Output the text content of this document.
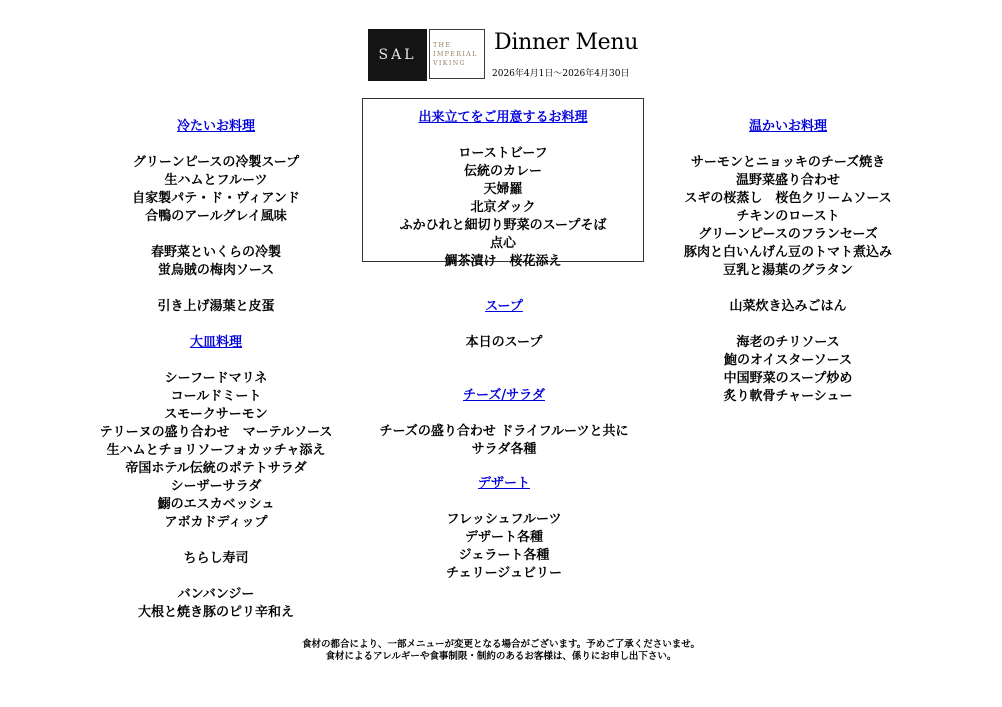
SAL
THE
IMPERIAL
VIKING
Dinner Menu
2026年4月1日～2026年4月30日
冷たいお料理
グリーンピースの冷製スープ
生ハムとフルーツ
自家製パテ・ド・ヴィアンド
合鴨のアールグレイ風味
春野菜といくらの冷製
蛍烏賊の梅肉ソース
引き上げ湯葉と皮蛋
大皿料理
シーフードマリネ
コールドミート
スモークサーモン
テリーヌの盛り合わせ　マーテルソース
生ハムとチョリソーフォカッチャ添え
帝国ホテル伝統のポテトサラダ
シーザーサラダ
鰯のエスカベッシュ
アボカドディップ
ちらし寿司
バンバンジー
大根と焼き豚のピリ辛和え
出来立てをご用意するお料理
ローストビーフ
伝統のカレー
天婦羅
北京ダック
ふかひれと細切り野菜のスープそば
点心
鯛茶漬け　桜花添え
スープ
本日のスープ
チーズ/サラダ
チーズの盛り合わせ ドライフルーツと共に
サラダ各種
デザート
フレッシュフルーツ
デザート各種
ジェラート各種
チェリージュビリー
温かいお料理
サーモンとニョッキのチーズ焼き
温野菜盛り合わせ
スギの桜蒸し　桜色クリームソース
チキンのロースト
グリーンピースのフランセーズ
豚肉と白いんげん豆のトマト煮込み
豆乳と湯葉のグラタン
山菜炊き込みごはん
海老のチリソース
鮑のオイスターソース
中国野菜のスープ炒め
炙り軟骨チャーシュー
食材の都合により、一部メニューが変更となる場合がございます。予めご了承くださいませ。
食材によるアレルギーや食事制限・制約のあるお客様は、係りにお申し出下さい。
